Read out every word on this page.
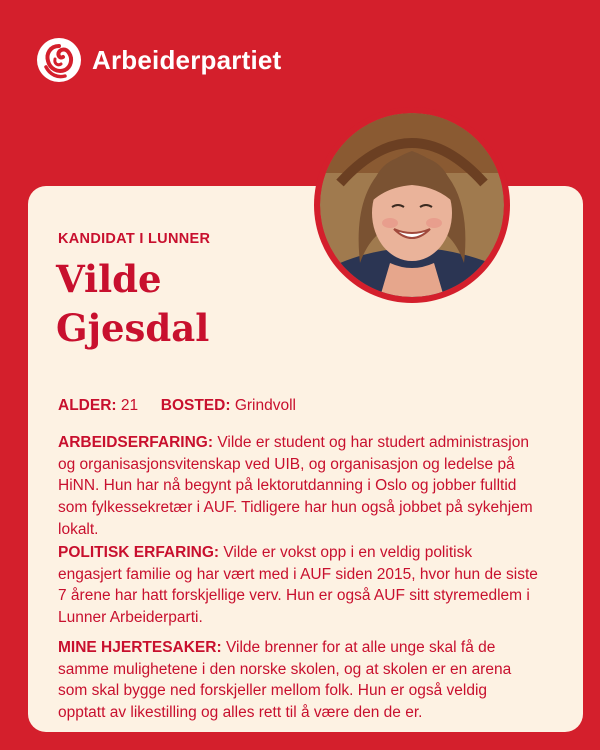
Arbeiderpartiet
KANDIDAT I LUNNER
Vilde
Gjesdal
ALDER: 21 BOSTED: Grindvoll
ARBEIDSERFARING: Vilde er student og har studert administrasjon og organisasjonsvitenskap ved UIB, og organisasjon og ledelse på HiNN. Hun har nå begynt på lektorutdanning i Oslo og jobber fulltid som fylkessekretær i AUF. Tidligere har hun også jobbet på sykehjem lokalt.
POLITISK ERFARING: Vilde er vokst opp i en veldig politisk engasjert familie og har vært med i AUF siden 2015, hvor hun de siste 7 årene har hatt forskjellige verv. Hun er også AUF sitt styremedlem i Lunner Arbeiderparti.
MINE HJERTESAKER: Vilde brenner for at alle unge skal få de samme mulighetene i den norske skolen, og at skolen er en arena som skal bygge ned forskjeller mellom folk. Hun er også veldig opptatt av likestilling og alles rett til å være den de er.
